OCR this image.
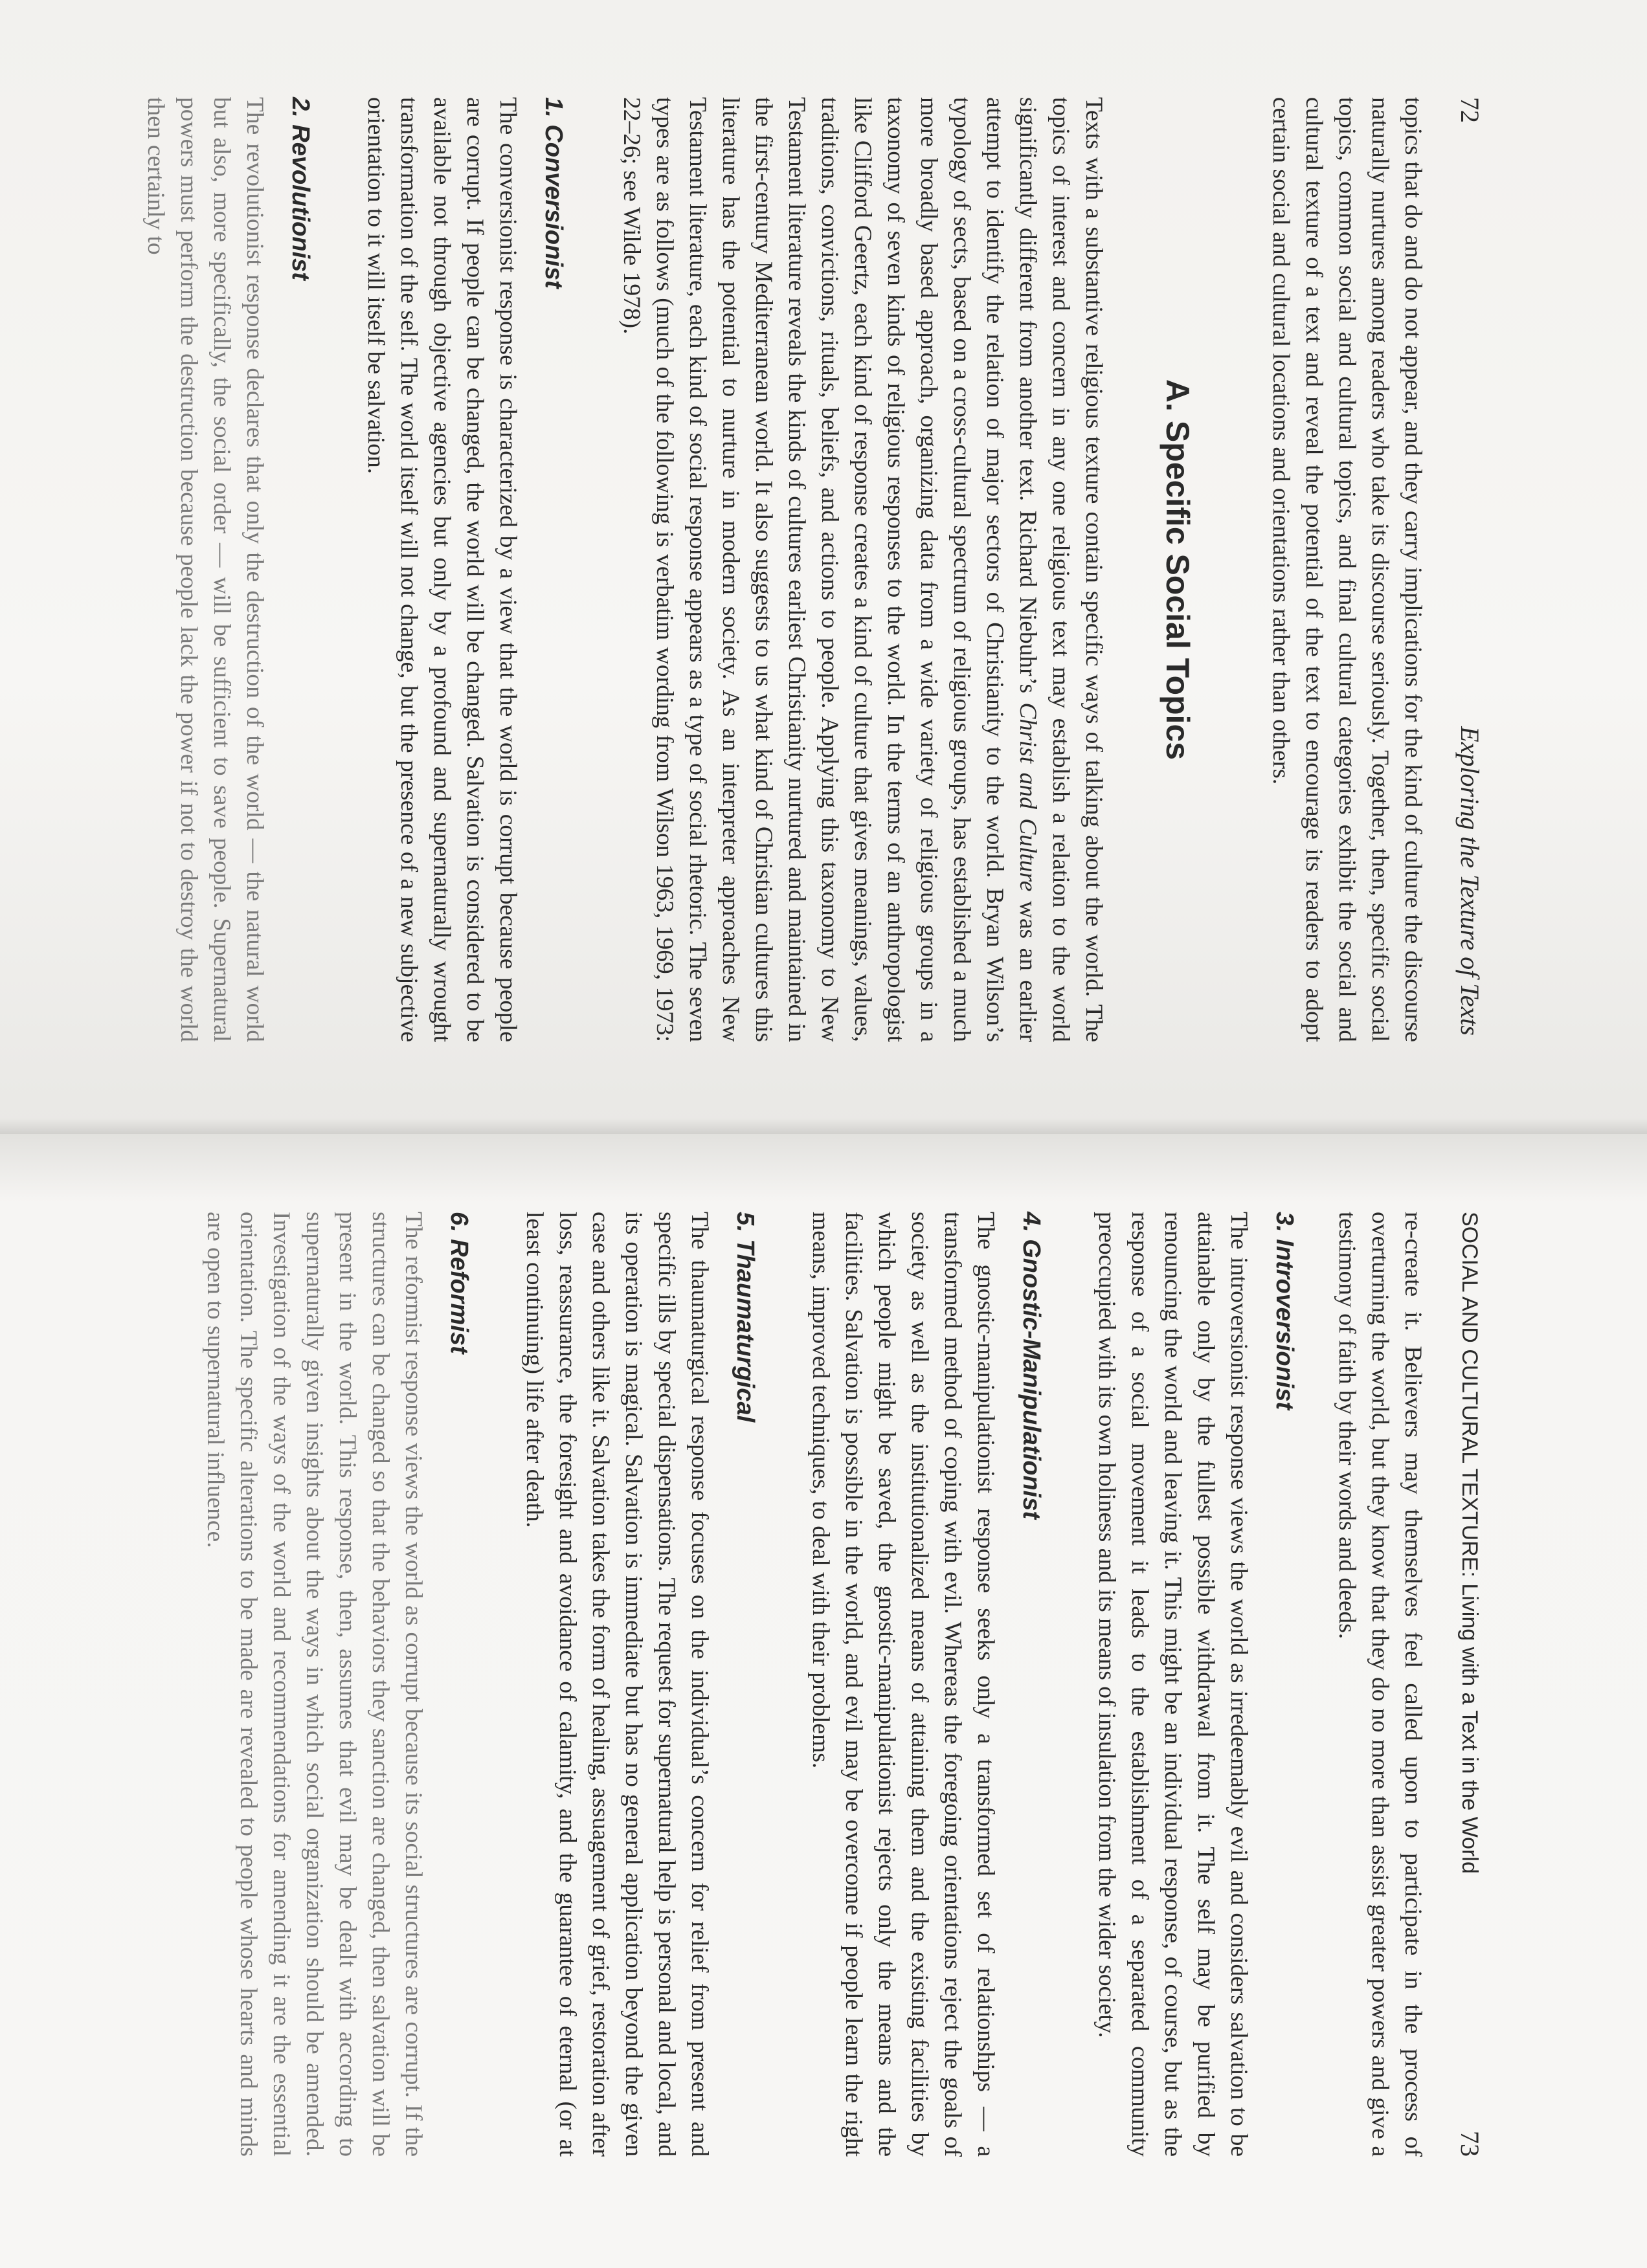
72
Exploring the Texture of Texts

topics that do and do not appear, and they carry implications for the kind of culture the discourse naturally nurtures among readers who take its discourse seriously. Together, then, specific social topics, common social and cultural topics, and final cultural categories exhibit the social and cultural texture of a text and reveal the potential of the text to encourage its readers to adopt certain social and cultural locations and orientations rather than others.

A. Specific Social Topics

Texts with a substantive religious texture contain specific ways of talking about the world. The topics of interest and concern in any one religious text may establish a relation to the world significantly different from another text. Richard Niebuhr’s Christ and Culture was an earlier attempt to identify the relation of major sectors of Christianity to the world. Bryan Wilson’s typology of sects, based on a cross-cultural spectrum of religious groups, has established a much more broadly based approach, organizing data from a wide variety of religious groups in a taxonomy of seven kinds of religious responses to the world. In the terms of an anthropologist like Clifford Geertz, each kind of response creates a kind of culture that gives meanings, values, traditions, convictions, rituals, beliefs, and actions to people. Applying this taxonomy to New Testament literature reveals the kinds of cultures earliest Christianity nurtured and maintained in the first-century Mediterranean world. It also suggests to us what kind of Christian cultures this literature has the potential to nurture in modern society. As an interpreter approaches New Testament literature, each kind of social response appears as a type of social rhetoric. The seven types are as follows (much of the following is verbatim wording from Wilson 1963, 1969, 1973: 22–26; see Wilde 1978).

1. Conversionist

The conversionist response is characterized by a view that the world is corrupt because people are corrupt. If people can be changed, the world will be changed. Salvation is considered to be available not through objective agencies but only by a profound and supernaturally wrought transformation of the self. The world itself will not change, but the presence of a new subjective orientation to it will itself be salvation.

2. Revolutionist

The revolutionist response declares that only the destruction of the world — the natural world but also, more specifically, the social order — will be sufficient to save people. Supernatural powers must perform the destruction because people lack the power if not to destroy the world then certainly to

SOCIAL AND CULTURAL TEXTURE: Living with a Text in the World
73

re-create it. Believers may themselves feel called upon to participate in the process of overturning the world, but they know that they do no more than assist greater powers and give a testimony of faith by their words and deeds.

3. Introversionist

The introversionist response views the world as irredeemably evil and considers salvation to be attainable only by the fullest possible withdrawal from it. The self may be purified by renouncing the world and leaving it. This might be an individual response, of course, but as the response of a social movement it leads to the establishment of a separated community preoccupied with its own holiness and its means of insulation from the wider society.

4. Gnostic-Manipulationist

The gnostic-manipulationist response seeks only a transformed set of relationships — a transformed method of coping with evil. Whereas the foregoing orientations reject the goals of society as well as the institutionalized means of attaining them and the existing facilities by which people might be saved, the gnostic-manipulationist rejects only the means and the facilities. Salvation is possible in the world, and evil may be overcome if people learn the right means, improved techniques, to deal with their problems.

5. Thaumaturgical

The thaumaturgical response focuses on the individual’s concern for relief from present and specific ills by special dispensations. The request for supernatural help is personal and local, and its operation is magical. Salvation is immediate but has no general application beyond the given case and others like it. Salvation takes the form of healing, assuagement of grief, restoration after loss, reassurance, the foresight and avoidance of calamity, and the guarantee of eternal (or at least continuing) life after death.

6. Reformist

The reformist response views the world as corrupt because its social structures are corrupt. If the structures can be changed so that the behaviors they sanction are changed, then salvation will be present in the world. This response, then, assumes that evil may be dealt with according to supernaturally given insights about the ways in which social organization should be amended. Investigation of the ways of the world and recommendations for amending it are the essential orientation. The specific alterations to be made are revealed to people whose hearts and minds are open to supernatural influence.
